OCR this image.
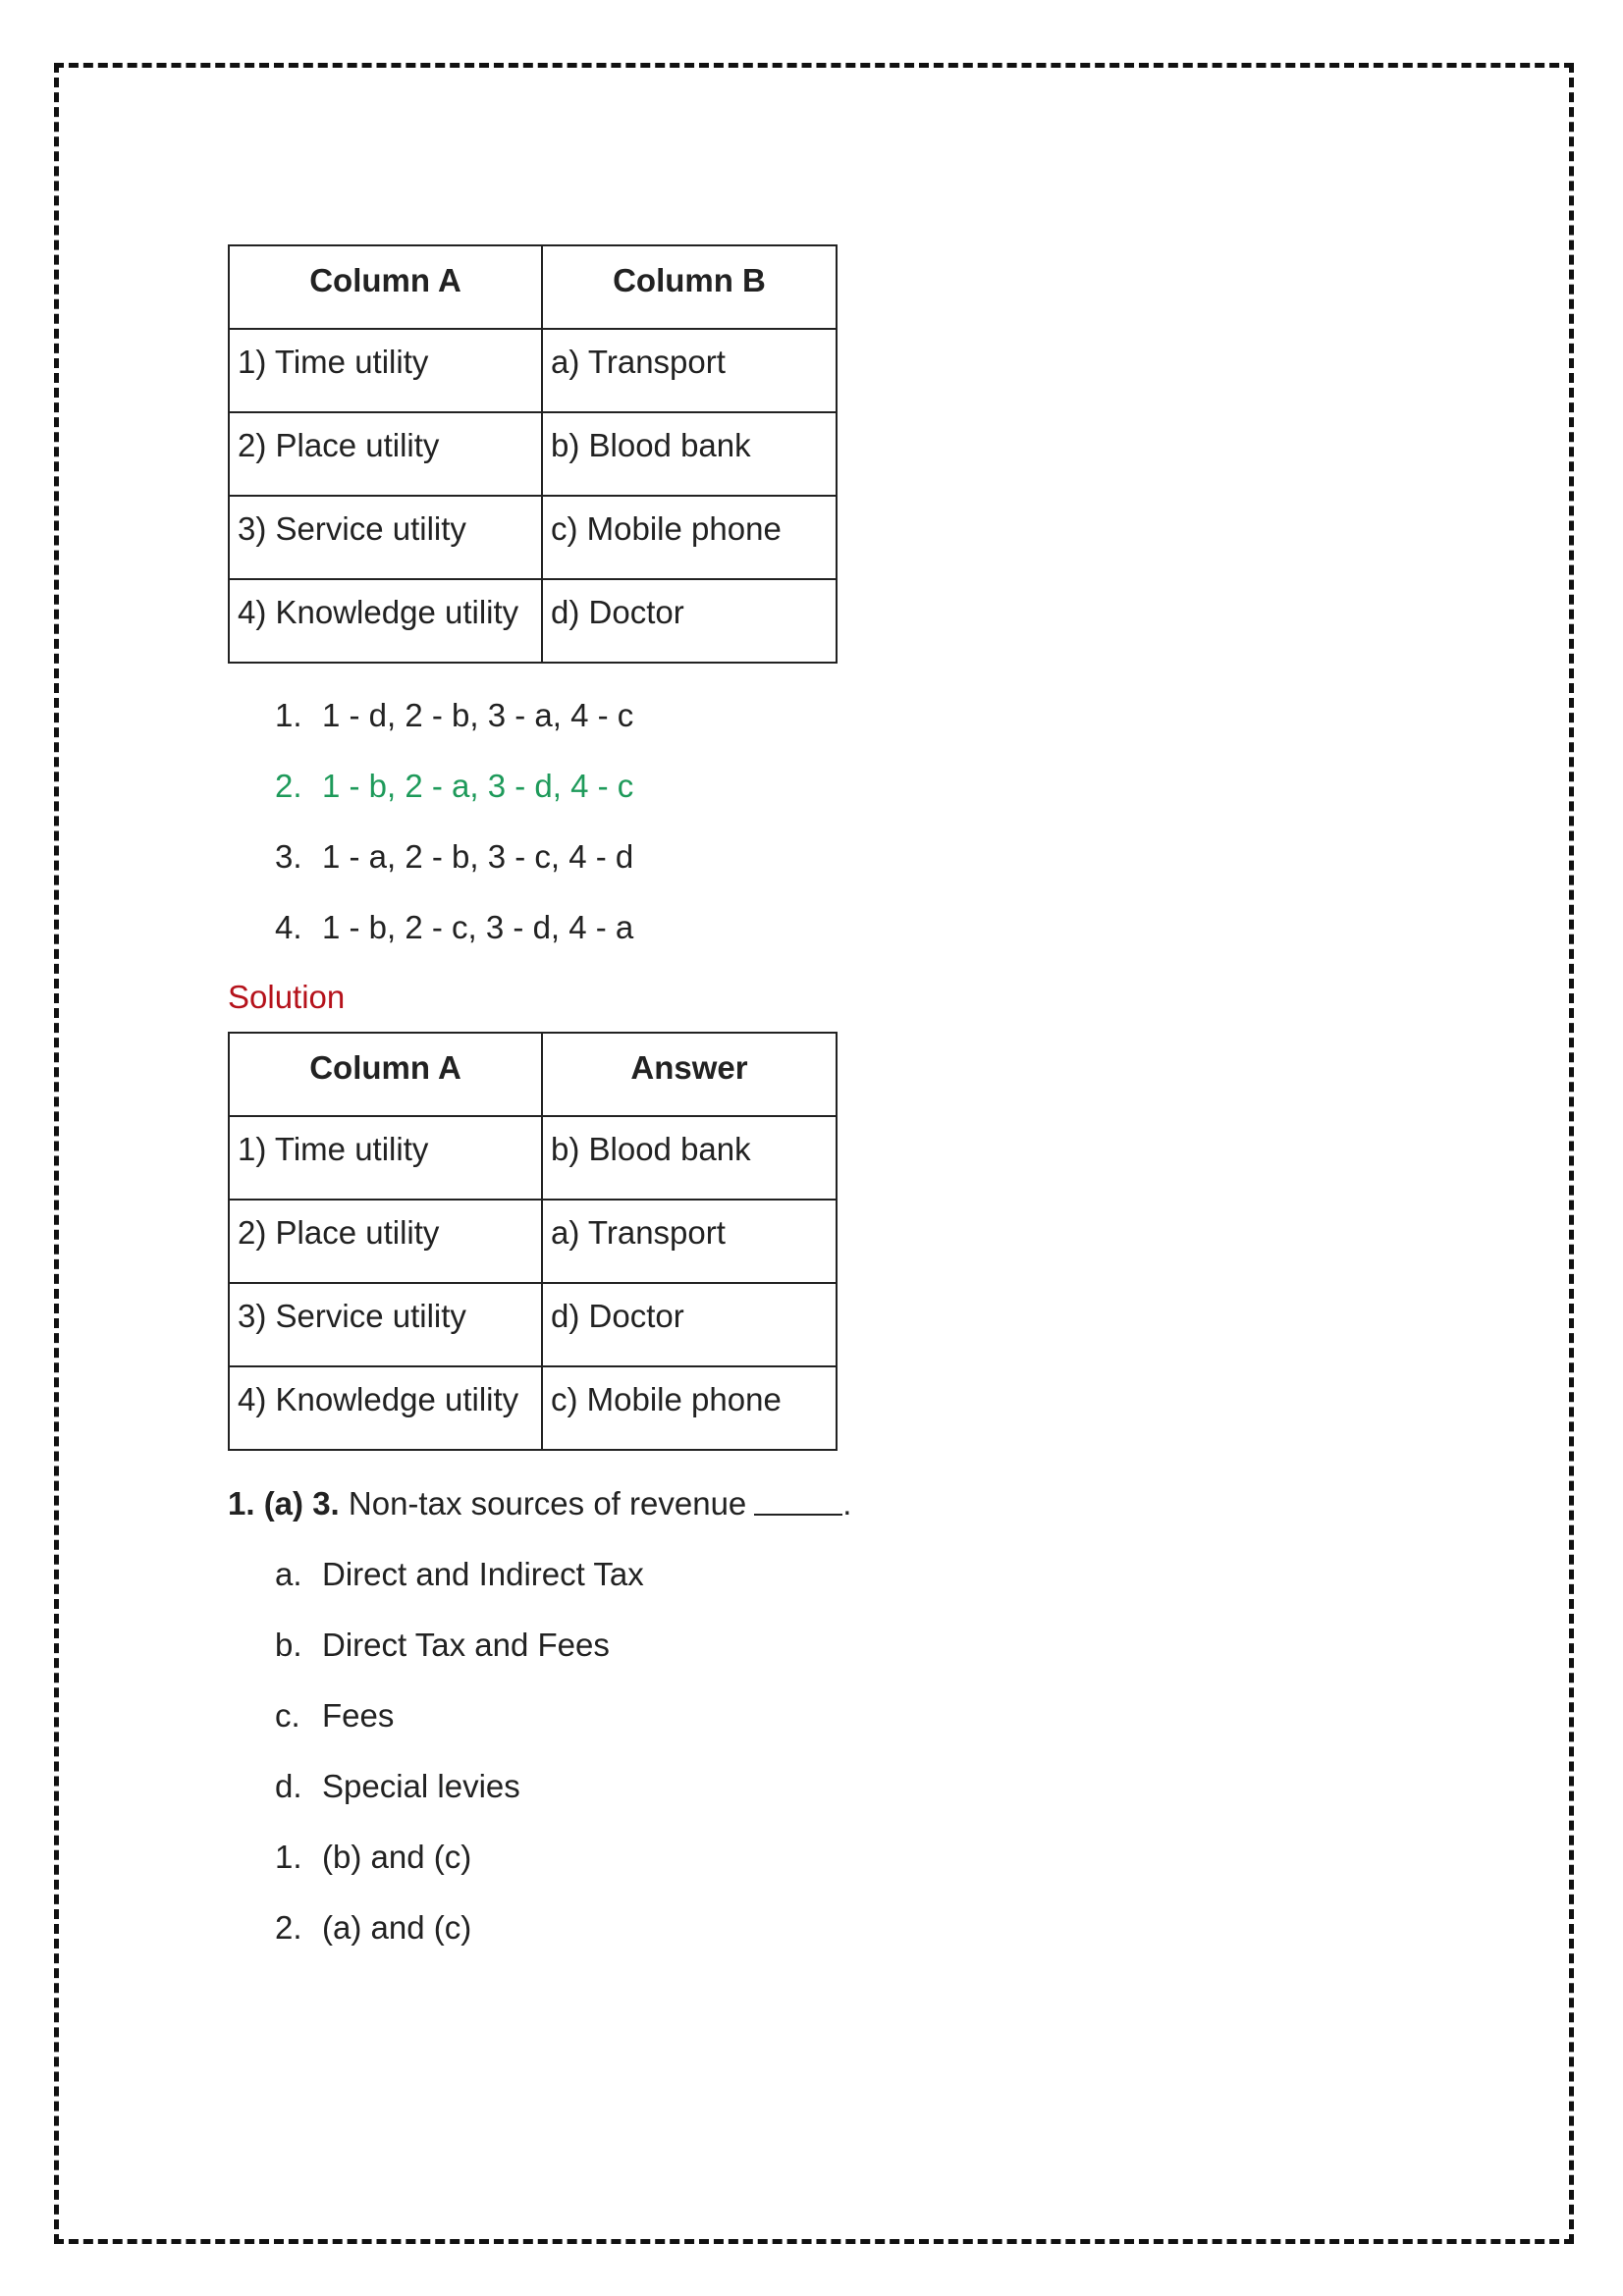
Column A	Column B
1) Time utility	a) Transport
2) Place utility	b) Blood bank
3) Service utility	c) Mobile phone
4) Knowledge utility	d) Doctor
1. 1 - d, 2 - b, 3 - a, 4 - c
2. 1 - b, 2 - a, 3 - d, 4 - c
3. 1 - a, 2 - b, 3 - c, 4 - d
4. 1 - b, 2 - c, 3 - d, 4 - a
Solution
Column A	Answer
1) Time utility	b) Blood bank
2) Place utility	a) Transport
3) Service utility	d) Doctor
4) Knowledge utility	c) Mobile phone
1. (a) 3.
Non-tax sources of revenue	.
a. Direct and Indirect Tax
b. Direct Tax and Fees
c. Fees
d. Special levies
1. (b) and (c)
2. (a) and (c)
